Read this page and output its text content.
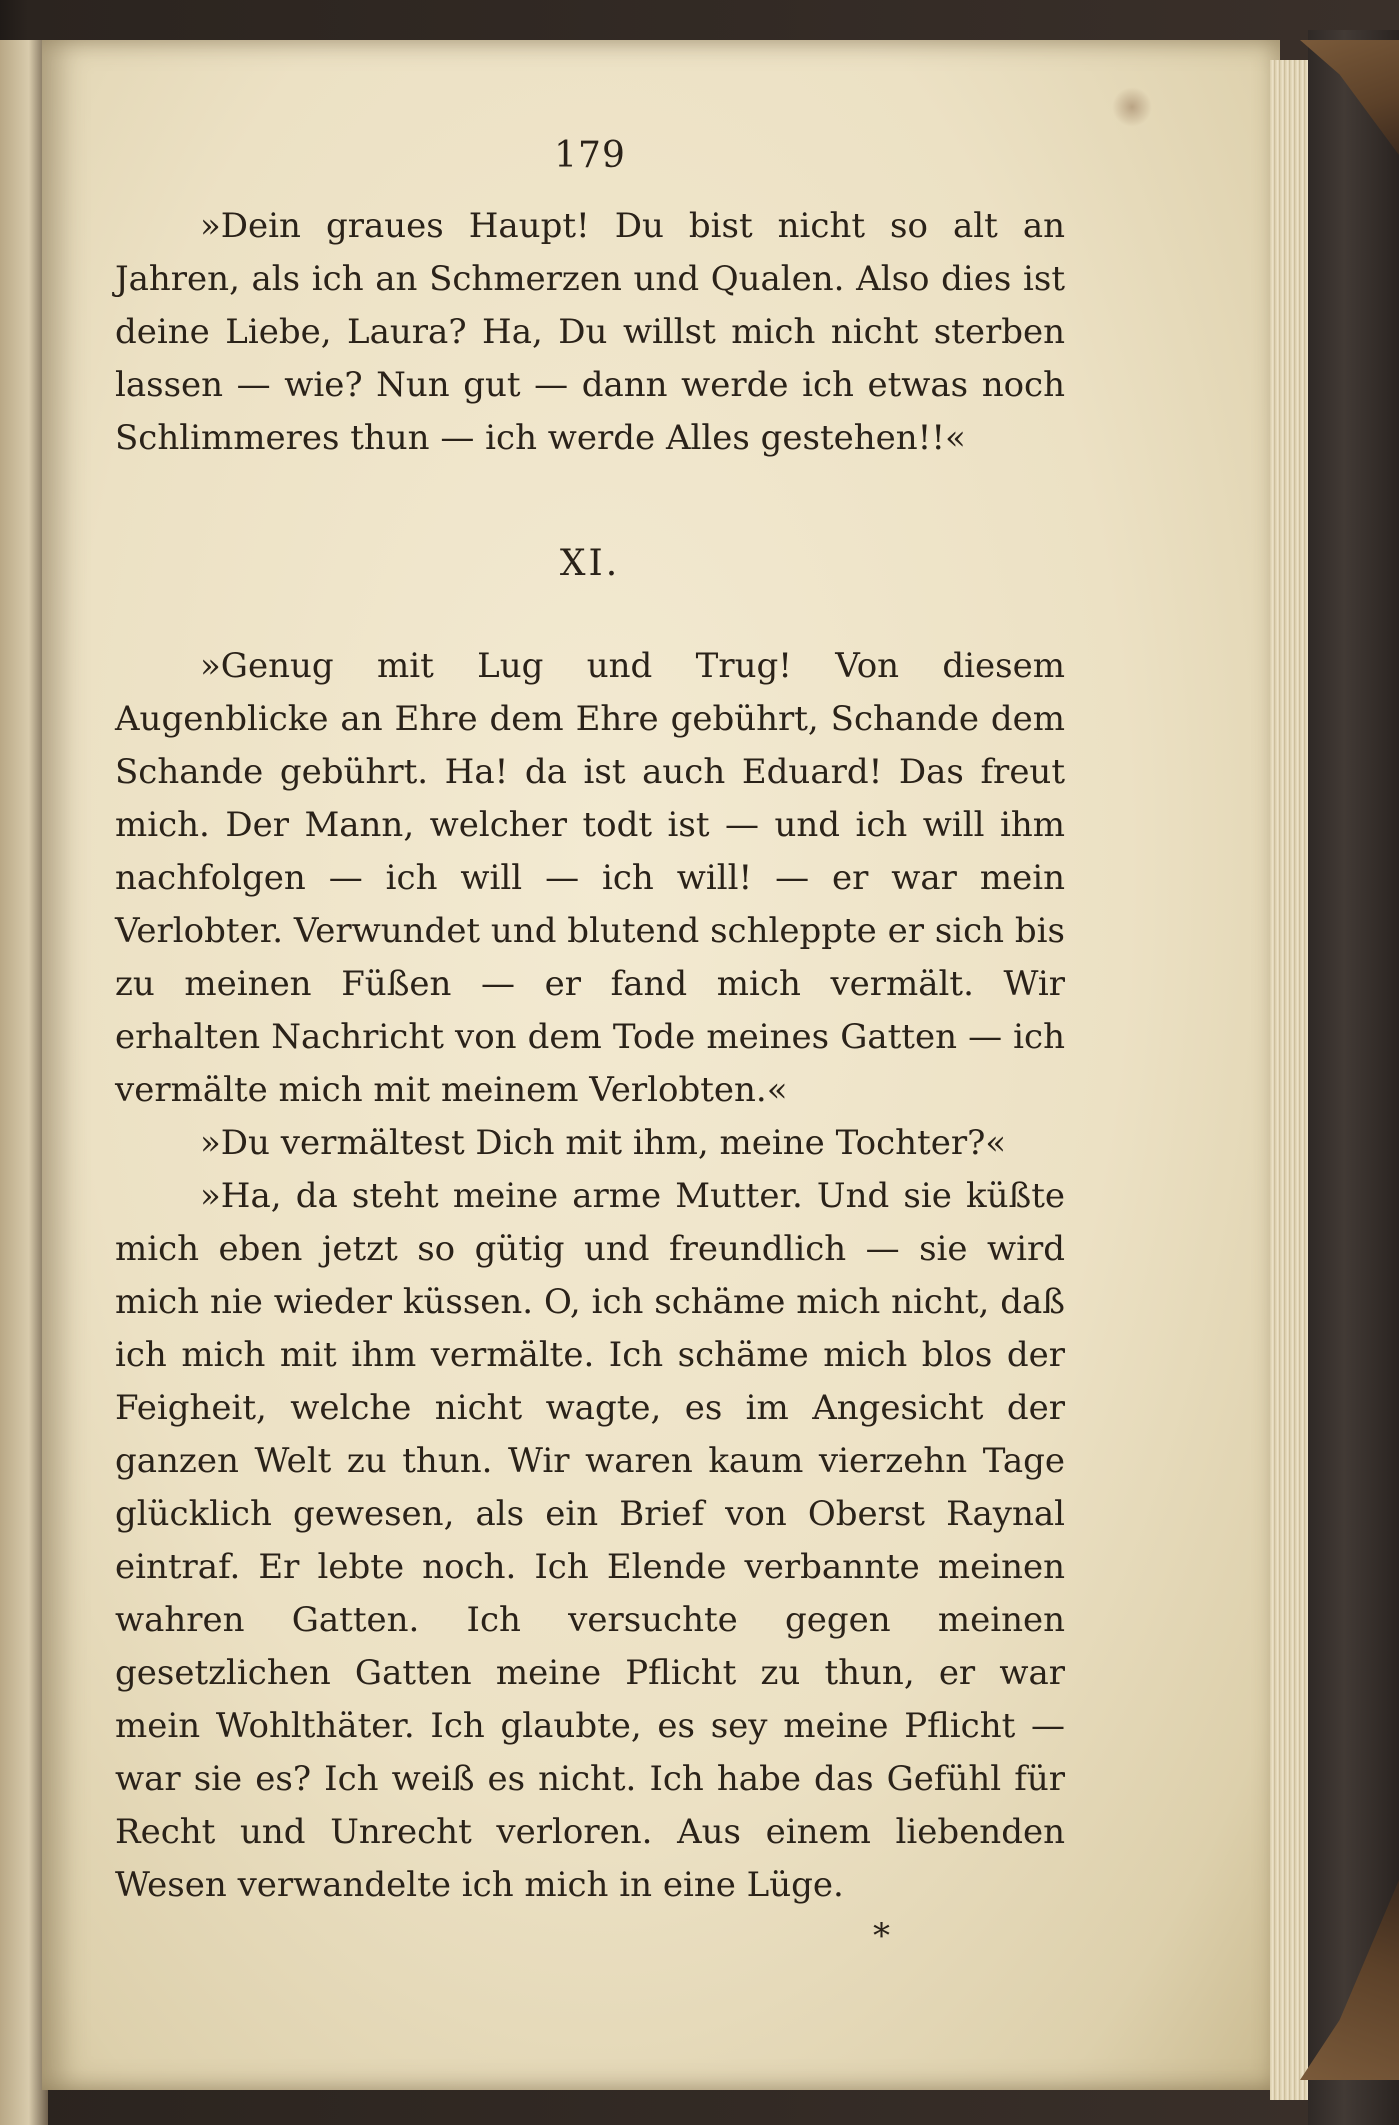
179

»Dein graues Haupt! Du bist nicht so alt an Jahren, als ich an Schmerzen und Qualen. Also dies ist deine Liebe, Laura? Ha, Du willst mich nicht sterben lassen — wie? Nun gut — dann werde ich etwas noch Schlimmeres thun — ich werde Alles gestehen!!«

XI.

»Genug mit Lug und Trug! Von diesem Augenblicke an Ehre dem Ehre gebührt, Schande dem Schande gebührt. Ha! da ist auch Eduard! Das freut mich. Der Mann, welcher todt ist — und ich will ihm nachfolgen — ich will — ich will! — er war mein Verlobter. Verwundet und blutend schleppte er sich bis zu meinen Füßen — er fand mich vermält. Wir erhalten Nachricht von dem Tode meines Gatten — ich vermälte mich mit meinem Verlobten.«

»Du vermältest Dich mit ihm, meine Tochter?«

»Ha, da steht meine arme Mutter. Und sie küßte mich eben jetzt so gütig und freundlich — sie wird mich nie wieder küssen. O, ich schäme mich nicht, daß ich mich mit ihm vermälte. Ich schäme mich blos der Feigheit, welche nicht wagte, es im Angesicht der ganzen Welt zu thun. Wir waren kaum vierzehn Tage glücklich gewesen, als ein Brief von Oberst Raynal eintraf. Er lebte noch. Ich Elende verbannte meinen wahren Gatten. Ich versuchte gegen meinen gesetzlichen Gatten meine Pflicht zu thun, er war mein Wohlthäter. Ich glaubte, es sey meine Pflicht — war sie es? Ich weiß es nicht. Ich habe das Gefühl für Recht und Unrecht verloren. Aus einem liebenden Wesen verwandelte ich mich in eine Lüge.

*
